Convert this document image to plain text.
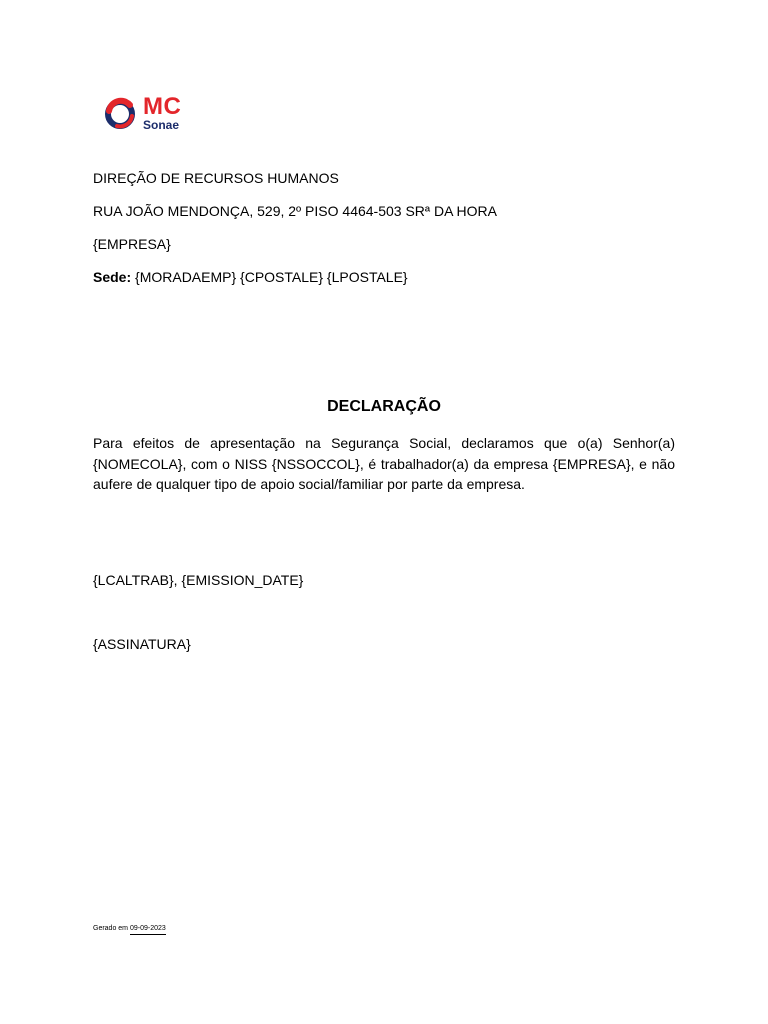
MC
Sonae
DIREÇÃO DE RECURSOS HUMANOS
RUA JOÃO MENDONÇA, 529, 2º PISO 4464-503 SRª DA HORA
{EMPRESA}
Sede: {MORADAEMP} {CPOSTALE} {LPOSTALE}
DECLARAÇÃO
Para efeitos de apresentação na Segurança Social, declaramos que o(a) Senhor(a) {NOMECOLA}, com o NISS {NSSOCCOL}, é trabalhador(a) da empresa {EMPRESA}, e não aufere de qualquer tipo de apoio social/familiar por parte da empresa.
{LCALTRAB}, {EMISSION_DATE}
{ASSINATURA}
Gerado em 09-09-2023
